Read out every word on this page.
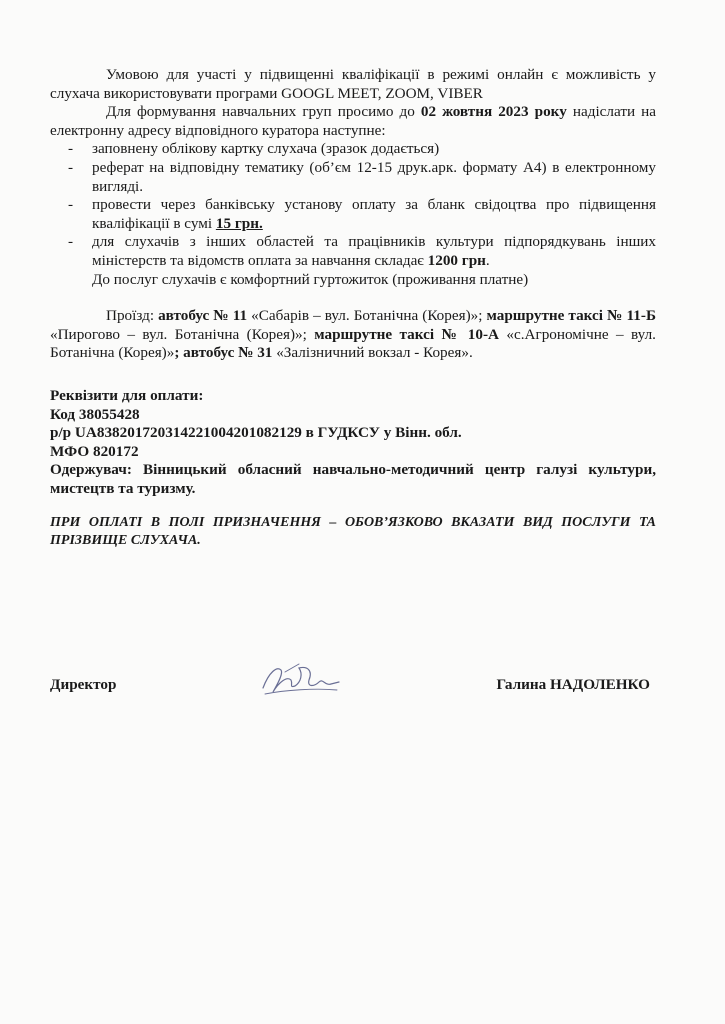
Умовою для участі у підвищенні кваліфікації в режимі онлайн є можливість у слухача використовувати програми GOOGL MEET, ZOOM, VIBER

Для формування навчальних груп просимо до 02 жовтня 2023 року надіслати на електронну адресу відповідного куратора наступне:

- заповнену облікову картку слухача (зразок додається)
- реферат на відповідну тематику (об’єм 12-15 друк.арк. формату А4) в електронному вигляді.
- провести через банківську установу оплату за бланк свідоцтва про підвищення кваліфікації в сумі 15 грн.
- для слухачів з інших областей та працівників культури підпорядкувань інших міністерств та відомств оплата за навчання складає 1200 грн.

До послуг слухачів є комфортний гуртожиток (проживання платне)

Проїзд: автобус № 11 «Сабарів – вул. Ботанічна (Корея)»; маршрутне таксі № 11-Б «Пирогово – вул. Ботанічна (Корея)»; маршрутне таксі № 10-А «с.Агрономічне – вул. Ботанічна (Корея)»; автобус № 31 «Залізничний вокзал - Корея».

Реквізити для оплати:

Код 38055428

р/р UA838201720314221004201082129 в ГУДКСУ у Вінн. обл.

МФО 820172

Одержувач: Вінницький обласний навчально-методичний центр галузі культури, мистецтв та туризму.

ПРИ ОПЛАТІ В ПОЛІ ПРИЗНАЧЕННЯ – ОБОВ’ЯЗКОВО ВКАЗАТИ ВИД ПОСЛУГИ ТА ПРІЗВИЩЕ СЛУХАЧА.

Директор	Галина НАДОЛЕНКО
